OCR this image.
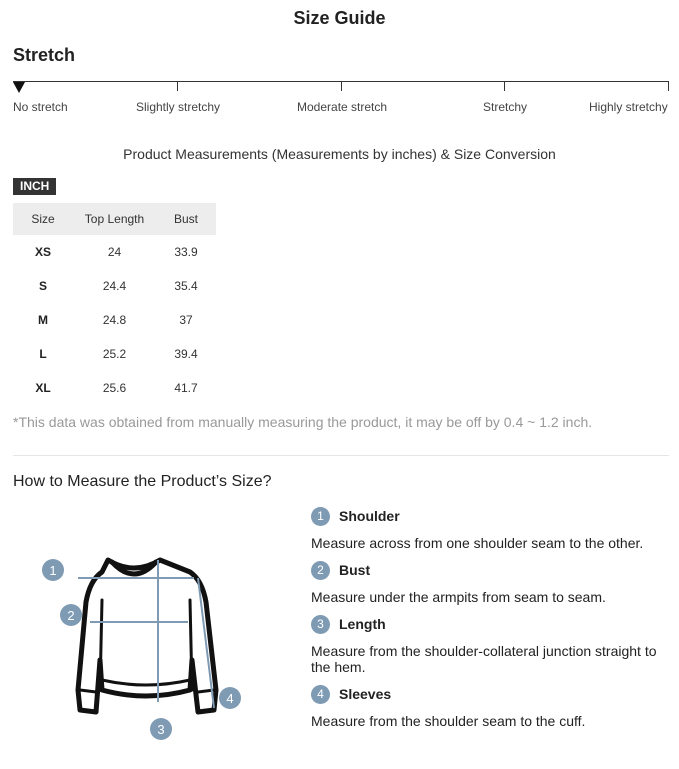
Size Guide
Stretch
No stretch	Slightly stretchy	Moderate stretch	Stretchy	Highly stretchy
Product Measurements (Measurements by inches) & Size Conversion
INCH
Size	Top Length	Bust
XS	24	33.9
S	24.4	35.4
M	24.8	37
L	25.2	39.4
XL	25.6	41.7
*This data was obtained from manually measuring the product, it may be off by 0.4 ~ 1.2 inch.
How to Measure the Product’s Size?
1
2
3
4
1	Shoulder
Measure across from one shoulder seam to the other.
2	Bust
Measure under the armpits from seam to seam.
3	Length
Measure from the shoulder-collateral junction straight to the hem.
4	Sleeves
Measure from the shoulder seam to the cuff.
